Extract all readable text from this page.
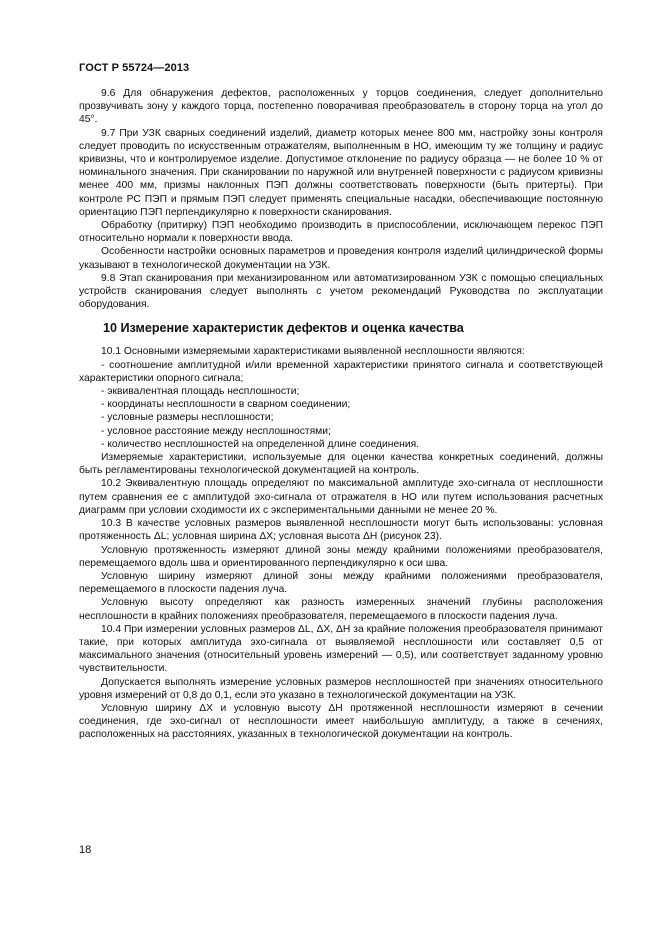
ГОСТ Р 55724—2013

9.6 Для обнаружения дефектов, расположенных у торцов соединения, следует дополнительно прозвучивать зону у каждого торца, постепенно поворачивая преобразователь в сторону торца на угол до 45°.

9.7 При УЗК сварных соединений изделий, диаметр которых менее 800 мм, настройку зоны контроля следует проводить по искусственным отражателям, выполненным в НО, имеющим ту же толщину и радиус кривизны, что и контролируемое изделие. Допустимое отклонение по радиусу образца — не более 10 % от номинального значения. При сканировании по наружной или внутренней поверхности с радиусом кривизны менее 400 мм, призмы наклонных ПЭП должны соответствовать поверхности (быть притерты). При контроле РС ПЭП и прямым ПЭП следует применять специальные насадки, обеспечивающие постоянную ориентацию ПЭП перпендикулярно к поверхности сканирования.

Обработку (притирку) ПЭП необходимо производить в приспособлении, исключающем перекос ПЭП относительно нормали к поверхности ввода.

Особенности настройки основных параметров и проведения контроля изделий цилиндрической формы указывают в технологической документации на УЗК.

9.8 Этап сканирования при механизированном или автоматизированном УЗК с помощью специальных устройств сканирования следует выполнять с учетом рекомендаций Руководства по эксплуатации оборудования.

10 Измерение характеристик дефектов и оценка качества

10.1 Основными измеряемыми характеристиками выявленной несплошности являются:

- соотношение амплитудной и/или временной характеристики принятого сигнала и соответствующей характеристики опорного сигнала;

- эквивалентная площадь несплошности;

- координаты несплошности в сварном соединении;

- условные размеры несплошности;

- условное расстояние между несплошностями;

- количество несплошностей на определенной длине соединения.

Измеряемые характеристики, используемые для оценки качества конкретных соединений, должны быть регламентированы технологической документацией на контроль.

10.2 Эквивалентную площадь определяют по максимальной амплитуде эхо-сигнала от несплошности путем сравнения ее с амплитудой эхо-сигнала от отражателя в НО или путем использования расчетных диаграмм при условии сходимости их с экспериментальными данными не менее 20 %.

10.3 В качестве условных размеров выявленной несплошности могут быть использованы: условная протяженность ΔL; условная ширина ΔX; условная высота ΔH (рисунок 23).

Условную протяженность измеряют длиной зоны между крайними положениями преобразователя, перемещаемого вдоль шва и ориентированного перпендикулярно к оси шва.

Условную ширину измеряют длиной зоны между крайними положениями преобразователя, перемещаемого в плоскости падения луча.

Условную высоту определяют как разность измеренных значений глубины расположения несплошности в крайних положениях преобразователя, перемещаемого в плоскости падения луча.

10.4 При измерении условных размеров ΔL, ΔX, ΔH за крайние положения преобразователя принимают такие, при которых амплитуда эхо-сигнала от выявляемой несплошности или составляет 0,5 от максимального значения (относительный уровень измерений — 0,5), или соответствует заданному уровню чувствительности.

Допускается выполнять измерение условных размеров несплошностей при значениях относительного уровня измерений от 0,8 до 0,1, если это указано в технологической документации на УЗК.

Условную ширину ΔX и условную высоту ΔH протяженной несплошности измеряют в сечении соединения, где эхо-сигнал от несплошности имеет наибольшую амплитуду, а также в сечениях, расположенных на расстояниях, указанных в технологической документации на контроль.

18
